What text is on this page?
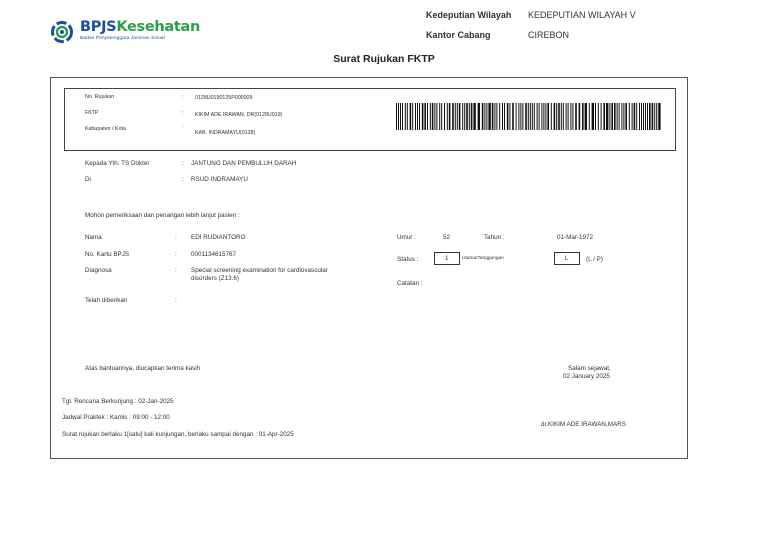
BPJSKesehatan
Badan Penyelenggara Jaminan Sosial
Kedeputian Wilayah KEDEPUTIAN WILAYAH V
Kantor Cabang	CIREBON
Surat Rujukan FKTP
No. Rujukan	: 0128U0190125P000009
FKTP	: KIKIM ADE IRAWAN, DR(0128U019)
Kabupaten / Kota	:
KAB. INDRAMAYU(0128)
Kepada Yth. TS Dokter	: JANTUNG DAN PEMBULUH DARAH
Di	: RSUD INDRAMAYU
Mohon pemeriksaan dan penangan lebih lanjut pasien :
Nama	: EDI RUDIANTORO
No. Kartu BPJS	: 0001134615767
Diagnosa	: Special screening examination for cardiovascular
disorders (Z13.6)
Telah diberikan	:
Umur :	52	Tahun :	01-Mar-1972
Status :	1	Utama/Tanggungan	L	(L / P)
Catatan :
Atas bantuannya, diucapkan terima kasih	Salam sejawat,
02 January 2025
Tgl. Rencana Berkunjung : 02-Jan-2025
Jadwal Praktek : Kamis : 09:00 - 12:00
dr.KIKIM ADE IRAWAN,MARS
Surat rujukan berlaku 1[satu] kali kunjungan, berlaku sampai dengan : 01-Apr-2025
